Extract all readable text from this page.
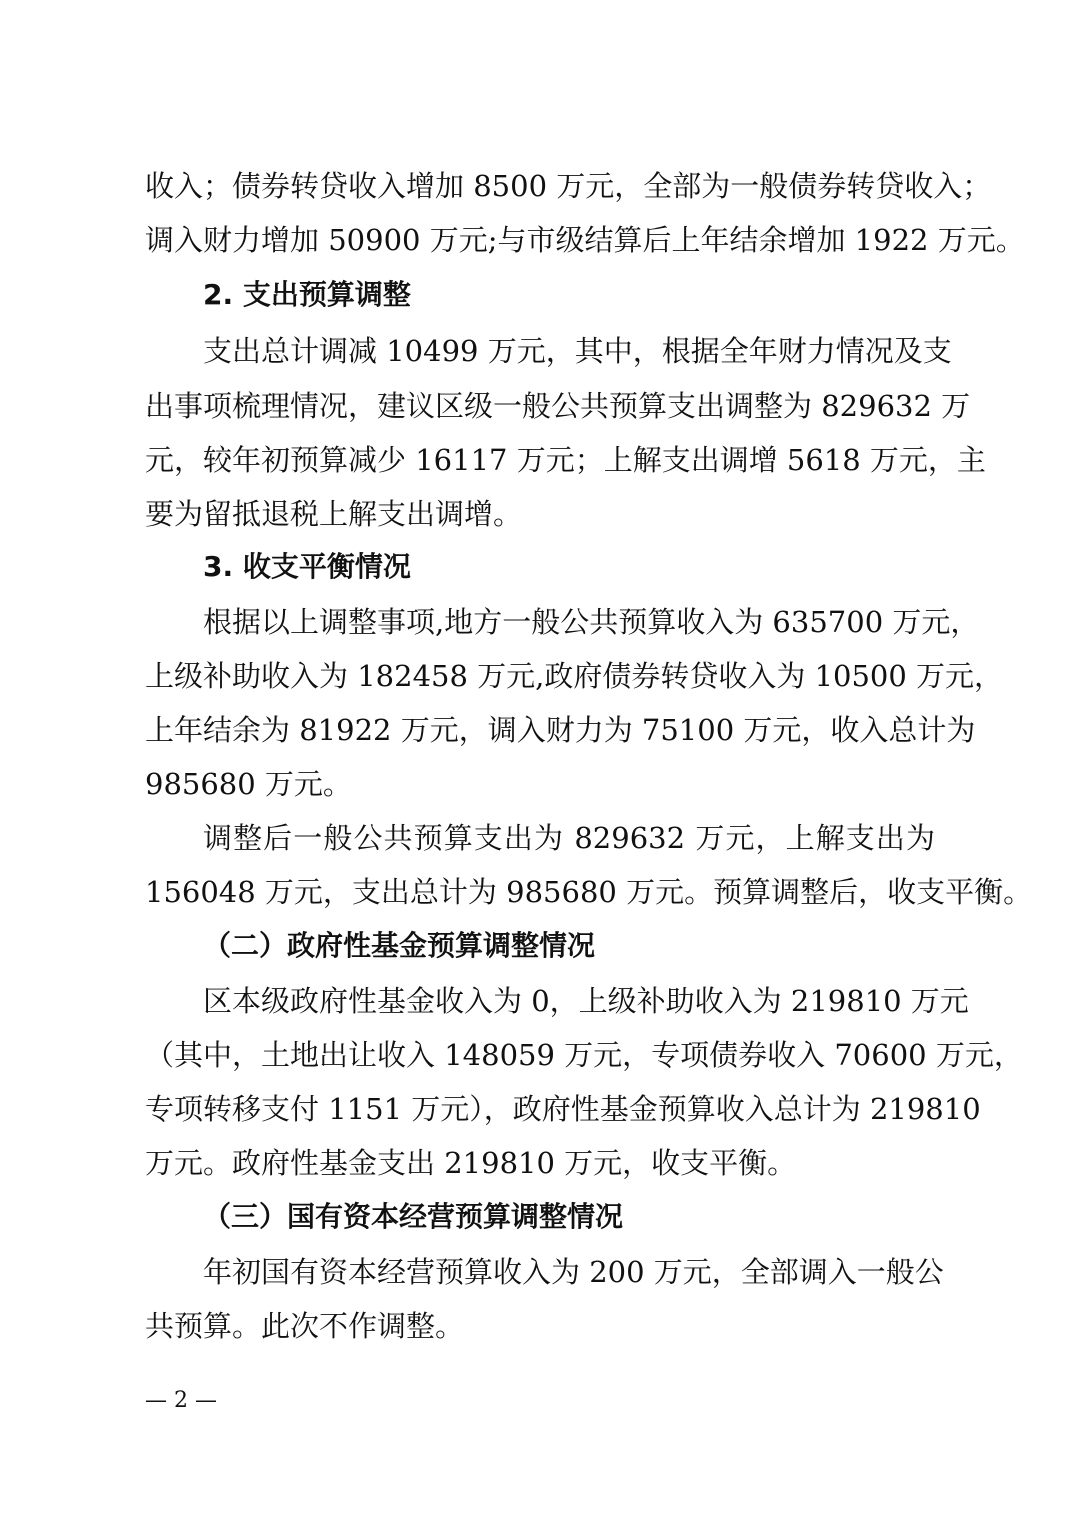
收入；债券转贷收入增加 8500 万元，全部为一般债券转贷收入；
调入财力增加 50900 万元;与市级结算后上年结余增加 1922 万元。
2. 支出预算调整
支出总计调减 10499 万元，其中，根据全年财力情况及支
出事项梳理情况，建议区级一般公共预算支出调整为 829632 万
元，较年初预算减少 16117 万元；上解支出调增 5618 万元，主
要为留抵退税上解支出调增。
3. 收支平衡情况
根据以上调整事项,地方一般公共预算收入为 635700 万元，
上级补助收入为 182458 万元,政府债券转贷收入为 10500 万元，
上年结余为 81922 万元，调入财力为 75100 万元，收入总计为
985680 万元。
调整后一般公共预算支出为 829632 万元，上解支出为
156048 万元，支出总计为 985680 万元。预算调整后，收支平衡。
（二）政府性基金预算调整情况
区本级政府性基金收入为 0，上级补助收入为 219810 万元
（其中，土地出让收入 148059 万元，专项债券收入 70600 万元，
专项转移支付 1151 万元），政府性基金预算收入总计为 219810
万元。政府性基金支出 219810 万元，收支平衡。
（三）国有资本经营预算调整情况
年初国有资本经营预算收入为 200 万元，全部调入一般公
共预算。此次不作调整。
— 2 —
